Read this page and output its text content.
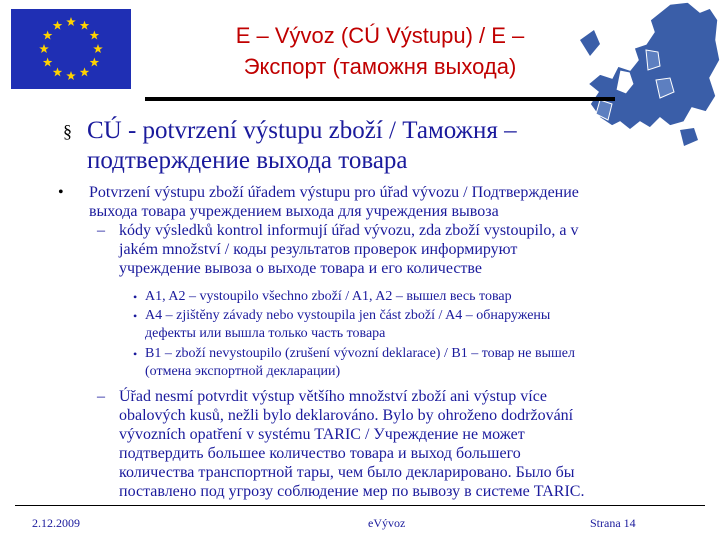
E – Vývoz (CÚ Výstupu) / E –
Экспорт (таможня выхода)
§ CÚ - potvrzení výstupu zboží / Таможня –
подтверждение выхода товара
• Potvrzení výstupu zboží úřadem výstupu pro úřad vývozu / Подтверждение
выхода товара учреждением выхода для учреждения вывоза
– kódy výsledků kontrol informují úřad vývozu, zda zboží vystoupilo, a v
jakém množství / коды результатов проверок информируют
учреждение вывоза о выходе товара и его количестве
• A1, A2 – vystoupilo všechno zboží / A1, A2 – вышел весь товар
• A4 – zjištěny závady nebo vystoupila jen část zboží / A4 – обнаружены
дефекты или вышла только часть товара
• B1 – zboží nevystoupilo (zrušení vývozní deklarace) / B1 – товар не вышел
(отмена экспортной декларации)
– Úřad nesmí potvrdit výstup většího množství zboží ani výstup více
obalových kusů, nežli bylo deklarováno. Bylo by ohroženo dodržování
vývozních opatření v systému TARIC / Учреждение не может
подтвердить большее количество товара и выход большего
количества транспортной тары, чем было декларировано. Было бы
поставлено под угрозу соблюдение мер по вывозу в системе TARIC.
2.12.2009	eVývoz	Strana 14
